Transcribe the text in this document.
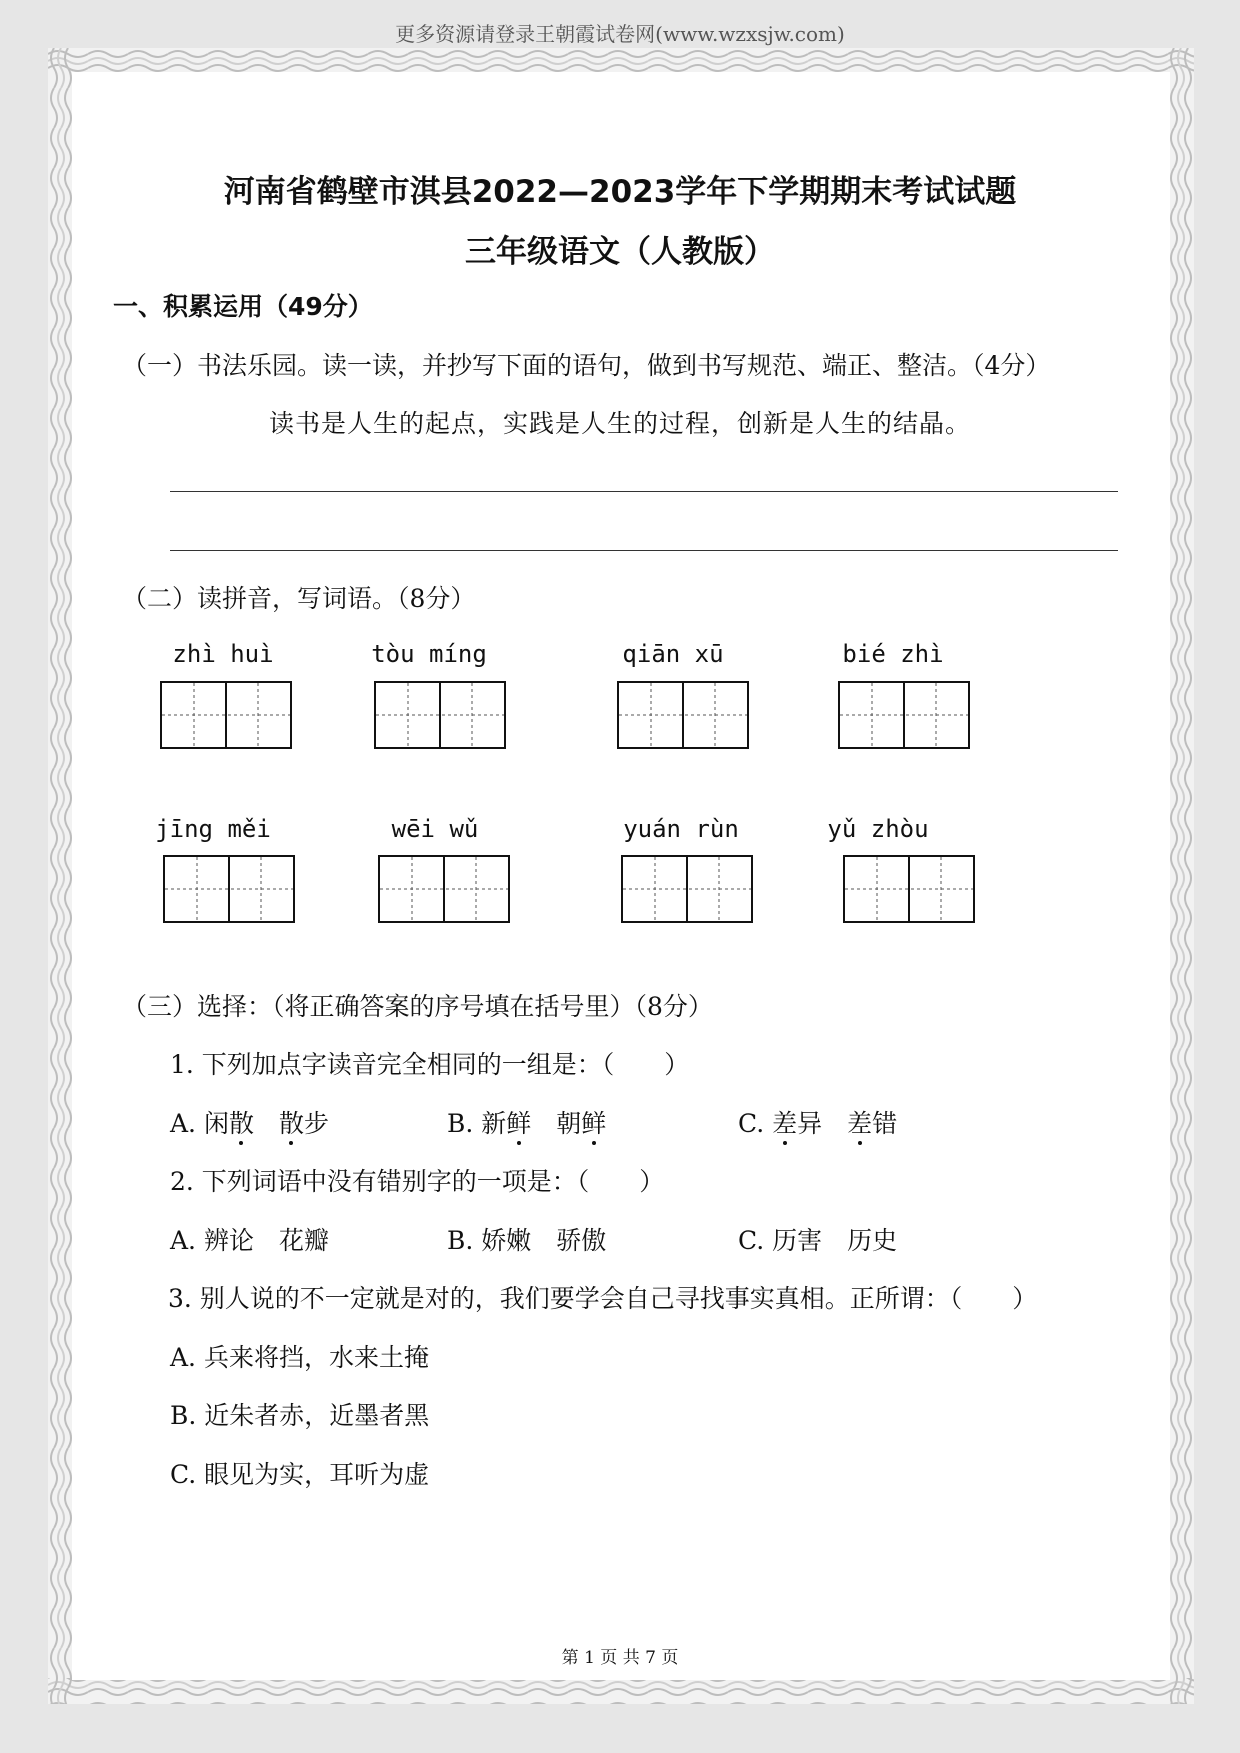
更多资源请登录王朝霞试卷网(www.wzxsjw.com)
河南省鹤壁市淇县2022—2023学年下学期期末考试试题
三年级语文（人教版）
一、积累运用（49分）
（一）书法乐园。读一读，并抄写下面的语句，做到书写规范、端正、整洁。（4分）
读书是人生的起点，实践是人生的过程，创新是人生的结晶。
（二）读拼音，写词语。（8分）
zhì huì	tòu míng	qiān xū	bié zhì
jīng měi	wēi wǔ	yuán rùn	yǔ zhòu
（三）选择：（将正确答案的序号填在括号里）（8分）
1. 下列加点字读音完全相同的一组是：（　　）
A. 闲散　 散步	B. 新鲜　朝鲜	C. 差异　差错
2. 下列词语中没有错别字的一项是：（　　）
A. 辨论　花瓣	B. 娇嫩　骄傲	C. 历害　历史
3. 别人说的不一定就是对的，我们要学会自己寻找事实真相。正所谓：（　　）
A. 兵来将挡，水来土掩
B. 近朱者赤，近墨者黑
C. 眼见为实，耳听为虚
第 1 页 共 7 页
